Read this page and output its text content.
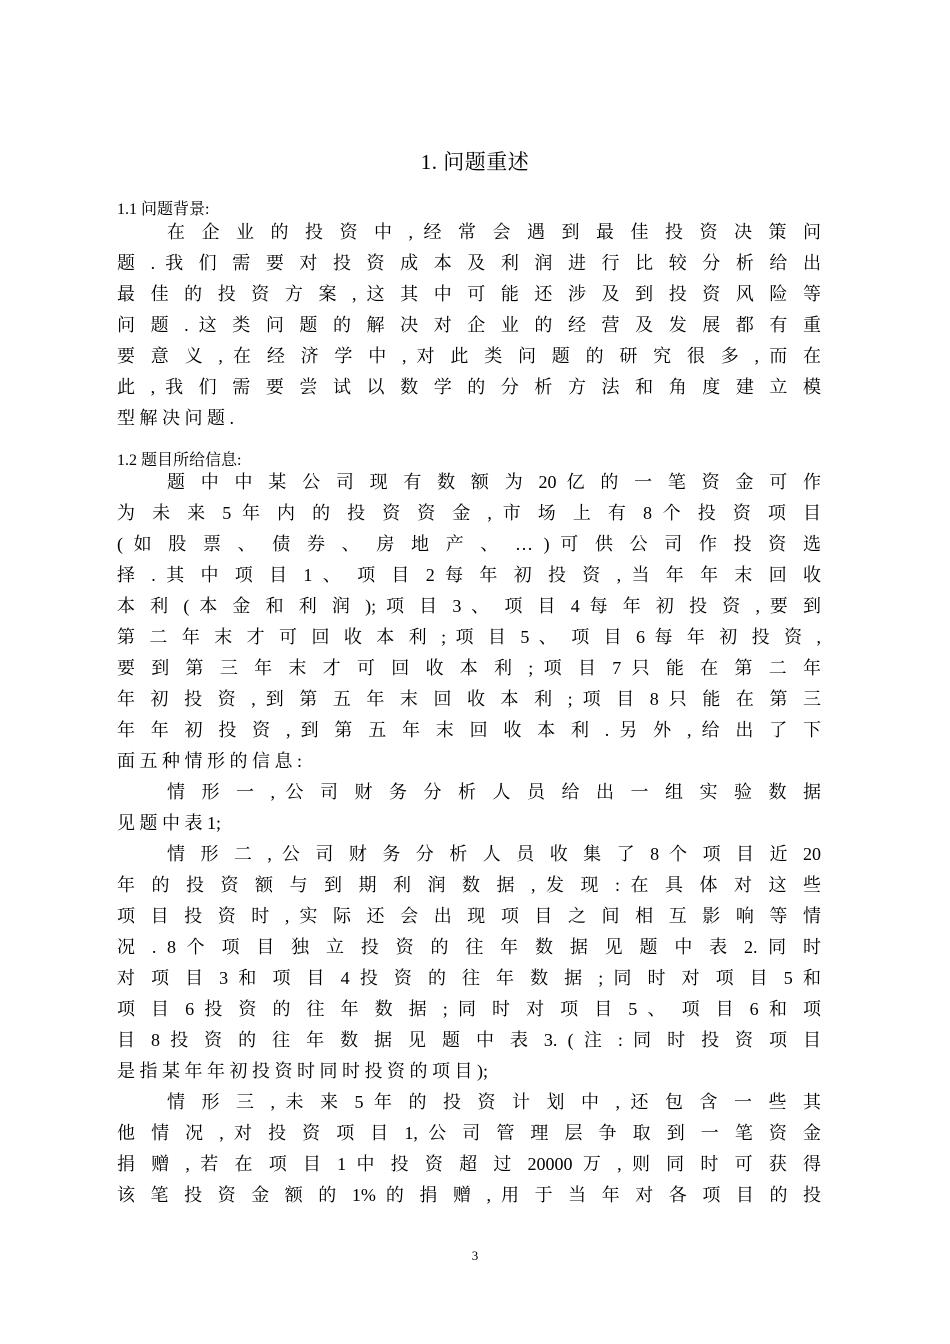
1. 问题重述
1.1 问题背景:
在 企 业 的 投 资 中 , 经 常 会 遇 到 最 佳 投 资 决 策 问
题 . 我 们 需 要 对 投 资 成 本 及 利 润 进 行 比 较 分 析 给 出
最 佳 的 投 资 方 案 , 这 其 中 可 能 还 涉 及 到 投 资 风 险 等
问 题 . 这 类 问 题 的 解 决 对 企 业 的 经 营 及 发 展 都 有 重
要 意 义 , 在 经 济 学 中 , 对 此 类 问 题 的 研 究 很 多 , 而 在
此 , 我 们 需 要 尝 试 以 数 学 的 分 析 方 法 和 角 度 建 立 模
型 解 决 问 题 .
1.2 题目所给信息:
题 中 中 某 公 司 现 有 数 额 为 20 亿 的 一 笔 资 金 可 作
为 未 来 5 年 内 的 投 资 资 金 , 市 场 上 有 8 个 投 资 项 目
( 如 股 票 、 债 券 、 房 地 产 、 … ) 可 供 公 司 作 投 资 选
择 . 其 中 项 目 1 、 项 目 2 每 年 初 投 资 , 当 年 年 末 回 收
本 利 ( 本 金 和 利 润 ); 项 目 3 、 项 目 4 每 年 初 投 资 , 要 到
第 二 年 末 才 可 回 收 本 利 ; 项 目 5 、 项 目 6 每 年 初 投 资 ,
要 到 第 三 年 末 才 可 回 收 本 利 ; 项 目 7 只 能 在 第 二 年
年 初 投 资 , 到 第 五 年 末 回 收 本 利 ; 项 目 8 只 能 在 第 三
年 年 初 投 资 , 到 第 五 年 末 回 收 本 利 . 另 外 , 给 出 了 下
面 五 种 情 形 的 信 息 :
情 形 一 , 公 司 财 务 分 析 人 员 给 出 一 组 实 验 数 据
见 题 中 表 1;
情 形 二 , 公 司 财 务 分 析 人 员 收 集 了 8 个 项 目 近 20
年 的 投 资 额 与 到 期 利 润 数 据 , 发 现 : 在 具 体 对 这 些
项 目 投 资 时 , 实 际 还 会 出 现 项 目 之 间 相 互 影 响 等 情
况 . 8 个 项 目 独 立 投 资 的 往 年 数 据 见 题 中 表 2. 同 时
对 项 目 3 和 项 目 4 投 资 的 往 年 数 据 ; 同 时 对 项 目 5 和
项 目 6 投 资 的 往 年 数 据 ; 同 时 对 项 目 5 、 项 目 6 和 项
目 8 投 资 的 往 年 数 据 见 题 中 表 3. ( 注 : 同 时 投 资 项 目
是 指 某 年 年 初 投 资 时 同 时 投 资 的 项 目 );
情 形 三 , 未 来 5 年 的 投 资 计 划 中 , 还 包 含 一 些 其
他 情 况 , 对 投 资 项 目 1, 公 司 管 理 层 争 取 到 一 笔 资 金
捐 赠 , 若 在 项 目 1 中 投 资 超 过 20000 万 , 则 同 时 可 获 得
该 笔 投 资 金 额 的 1% 的 捐 赠 , 用 于 当 年 对 各 项 目 的 投
3
